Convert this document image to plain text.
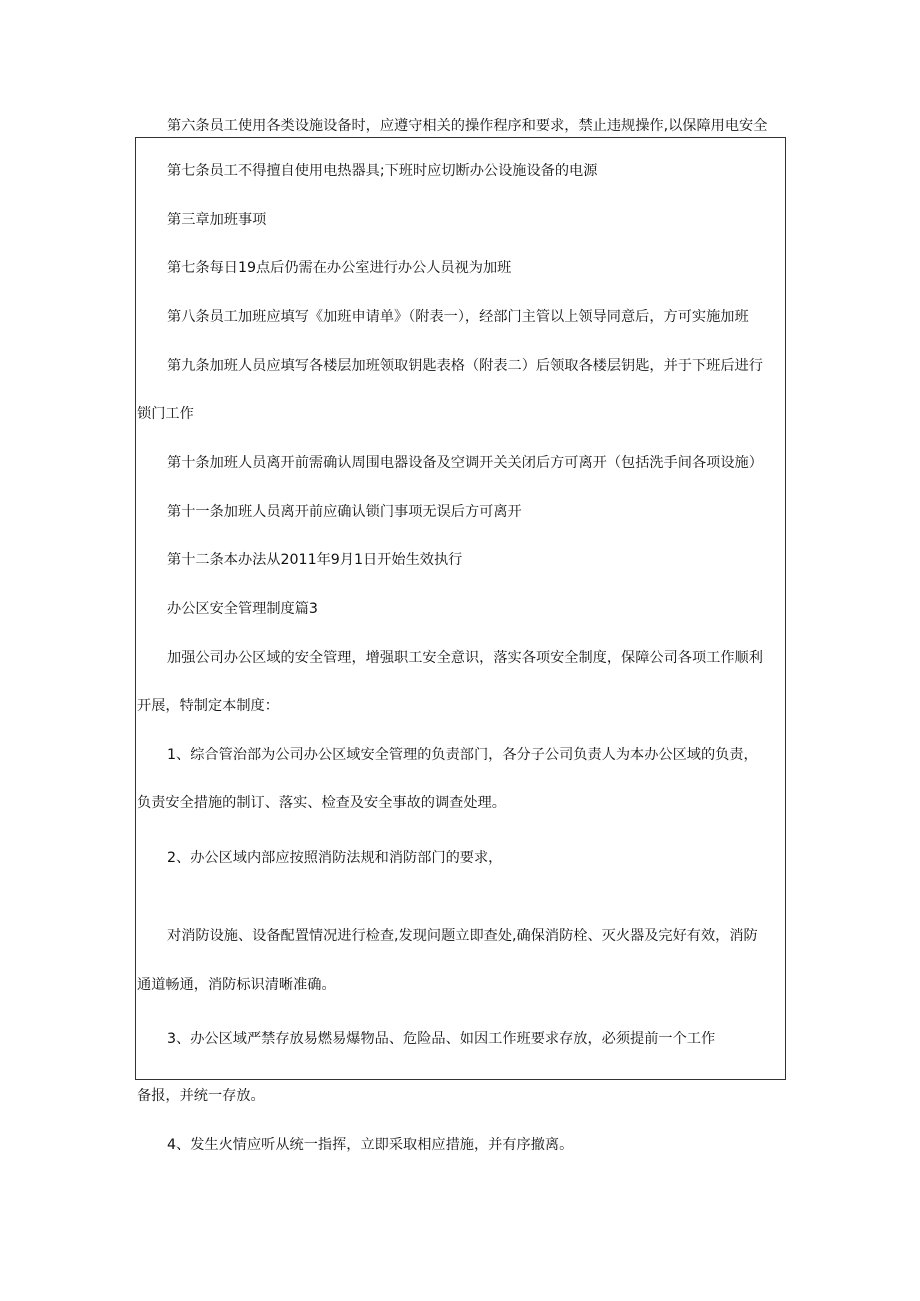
第六条员工使用各类设施设备时，应遵守相关的操作程序和要求，禁止违规操作,以保障用电安全
第七条员工不得擅自使用电热器具;下班时应切断办公设施设备的电源
第三章加班事项
第七条每日19点后仍需在办公室进行办公人员视为加班
第八条员工加班应填写《加班申请单》（附表一），经部门主管以上领导同意后，方可实施加班
第九条加班人员应填写各楼层加班领取钥匙表格（附表二）后领取各楼层钥匙，并于下班后进行
锁门工作
第十条加班人员离开前需确认周围电器设备及空调开关关闭后方可离开（包括洗手间各项设施）
第十一条加班人员离开前应确认锁门事项无误后方可离开
第十二条本办法从2011年9月1日开始生效执行
办公区安全管理制度篇3
加强公司办公区域的安全管理，增强职工安全意识，落实各项安全制度，保障公司各项工作顺利
开展，特制定本制度：
1、综合管治部为公司办公区域安全管理的负责部门，各分子公司负责人为本办公区域的负责，
负责安全措施的制订、落实、检查及安全事故的调查处理。
2、办公区域内部应按照消防法规和消防部门的要求，
对消防设施、设备配置情况进行检查,发现问题立即查处,确保消防栓、灭火器及完好有效，消防
通道畅通，消防标识清晰准确。
3、办公区域严禁存放易燃易爆物品、危险品、如因工作班要求存放，必须提前一个工作
备报，并统一存放。
4、发生火情应听从统一指挥，立即采取相应措施，并有序撤离。
